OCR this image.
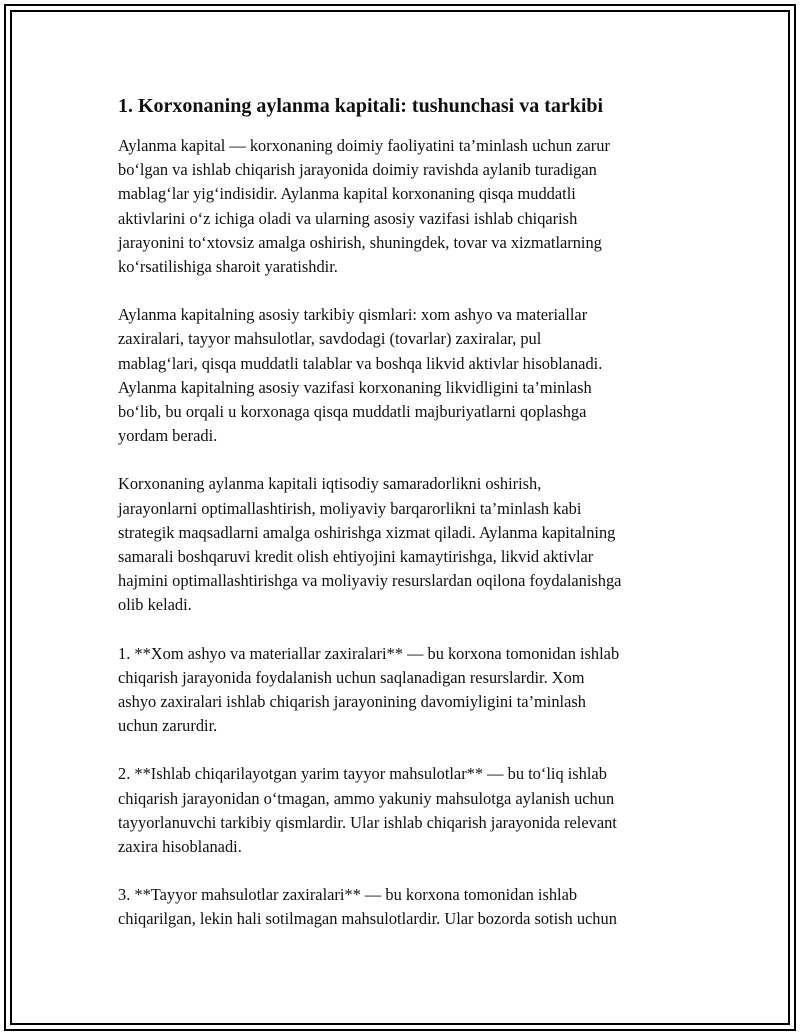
1. Korxonaning aylanma kapitali: tushunchasi va tarkibi

Aylanma kapital — korxonaning doimiy faoliyatini ta’minlash uchun zarur
bo‘lgan va ishlab chiqarish jarayonida doimiy ravishda aylanib turadigan
mablag‘lar yig‘indisidir. Aylanma kapital korxonaning qisqa muddatli
aktivlarini o‘z ichiga oladi va ularning asosiy vazifasi ishlab chiqarish
jarayonini to‘xtovsiz amalga oshirish, shuningdek, tovar va xizmatlarning
ko‘rsatilishiga sharoit yaratishdir.

Aylanma kapitalning asosiy tarkibiy qismlari: xom ashyo va materiallar
zaxiralari, tayyor mahsulotlar, savdodagi (tovarlar) zaxiralar, pul
mablag‘lari, qisqa muddatli talablar va boshqa likvid aktivlar hisoblanadi.
Aylanma kapitalning asosiy vazifasi korxonaning likvidligini ta’minlash
bo‘lib, bu orqali u korxonaga qisqa muddatli majburiyatlarni qoplashga
yordam beradi.

Korxonaning aylanma kapitali iqtisodiy samaradorlikni oshirish,
jarayonlarni optimallashtirish, moliyaviy barqarorlikni ta’minlash kabi
strategik maqsadlarni amalga oshirishga xizmat qiladi. Aylanma kapitalning
samarali boshqaruvi kredit olish ehtiyojini kamaytirishga, likvid aktivlar
hajmini optimallashtirishga va moliyaviy resurslardan oqilona foydalanishga
olib keladi.

1. **Xom ashyo va materiallar zaxiralari** — bu korxona tomonidan ishlab
chiqarish jarayonida foydalanish uchun saqlanadigan resurslardir. Xom
ashyo zaxiralari ishlab chiqarish jarayonining davomiyligini ta’minlash
uchun zarurdir.

2. **Ishlab chiqarilayotgan yarim tayyor mahsulotlar** — bu to‘liq ishlab
chiqarish jarayonidan o‘tmagan, ammo yakuniy mahsulotga aylanish uchun
tayyorlanuvchi tarkibiy qismlardir. Ular ishlab chiqarish jarayonida relevant
zaxira hisoblanadi.

3. **Tayyor mahsulotlar zaxiralari** — bu korxona tomonidan ishlab
chiqarilgan, lekin hali sotilmagan mahsulotlardir. Ular bozorda sotish uchun
